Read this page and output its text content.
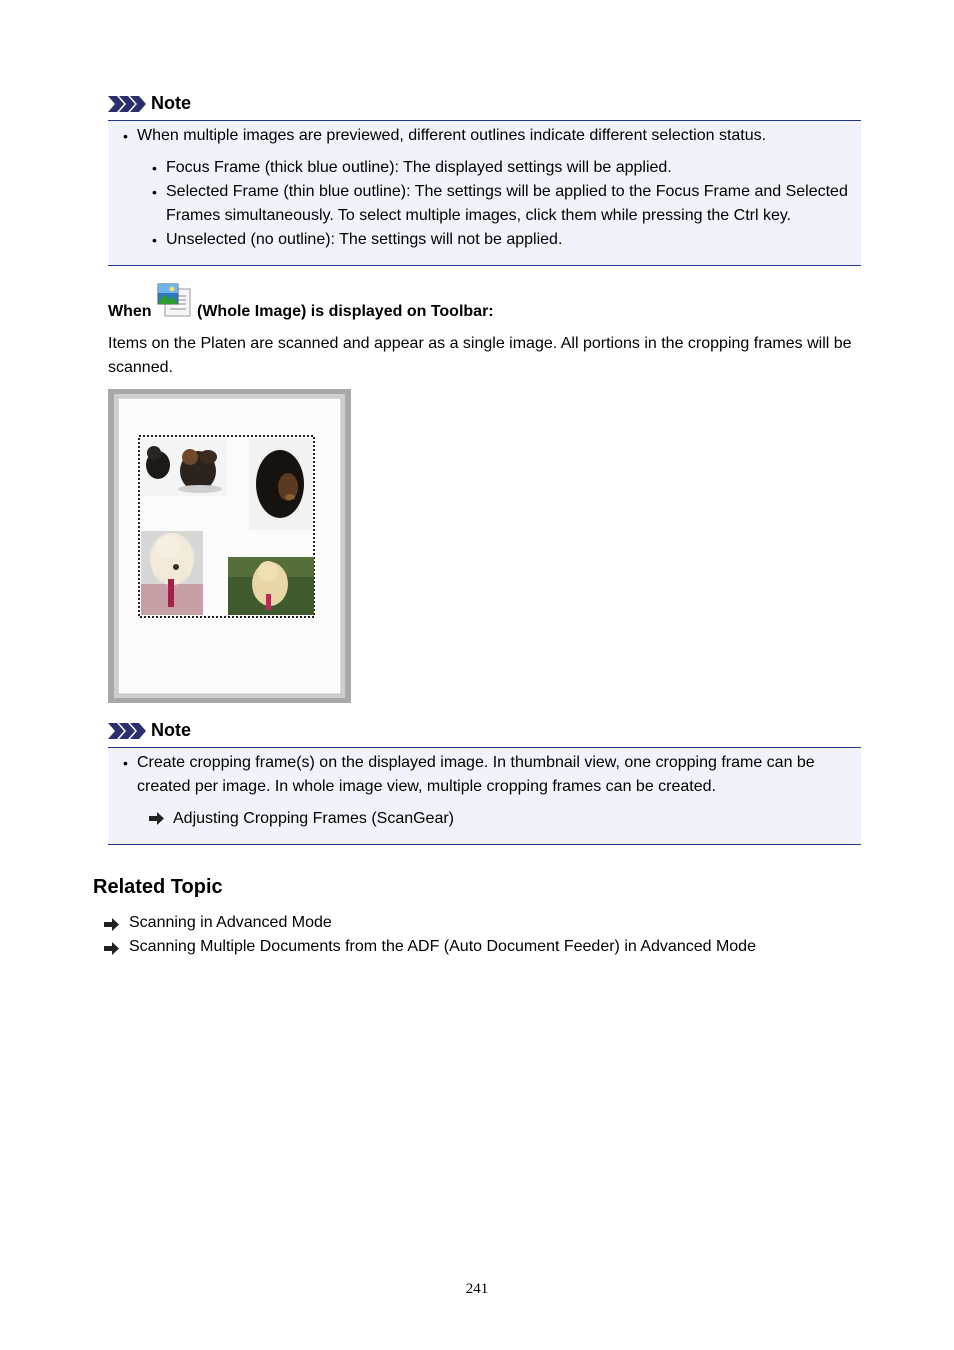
Note
• When multiple images are previewed, different outlines indicate different selection status.
• Focus Frame (thick blue outline): The displayed settings will be applied.
• Selected Frame (thin blue outline): The settings will be applied to the Focus Frame and Selected
Frames simultaneously. To select multiple images, click them while pressing the Ctrl key.
• Unselected (no outline): The settings will not be applied.
When	(Whole Image) is displayed on Toolbar:
Items on the Platen are scanned and appear as a single image. All portions in the cropping frames will be
scanned.
Note
• Create cropping frame(s) on the displayed image. In thumbnail view, one cropping frame can be
created per image. In whole image view, multiple cropping frames can be created.
Adjusting Cropping Frames (ScanGear)
Related Topic
Scanning in Advanced Mode
Scanning Multiple Documents from the ADF (Auto Document Feeder) in Advanced Mode
241
